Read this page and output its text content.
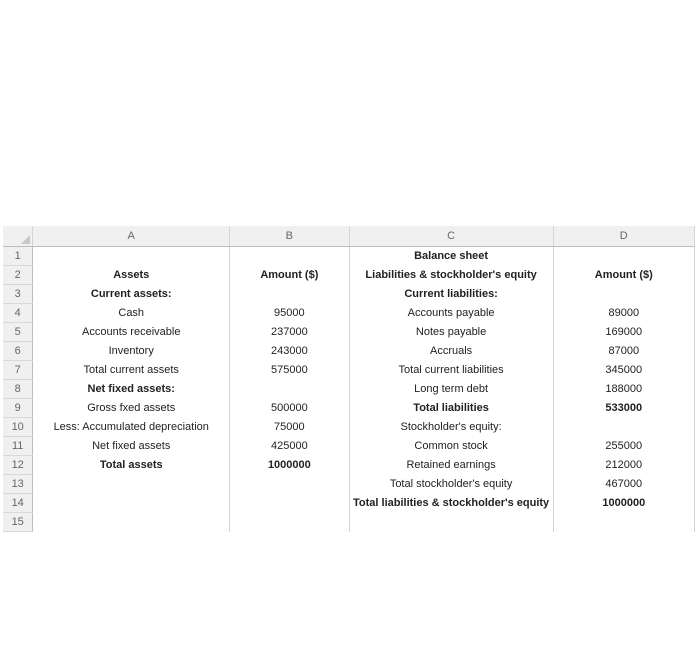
	A	B	C	D
1			Balance sheet	
2	Assets	Amount ($)	Liabilities & stockholder's equity	Amount ($)
3	Current assets:		Current liabilities:	
4	Cash	95000	Accounts payable	89000
5	Accounts receivable	237000	Notes payable	169000
6	Inventory	243000	Accruals	87000
7	Total current assets	575000	Total current liabilities	345000
8	Net fixed assets:		Long term debt	188000
9	Gross fxed assets	500000	Total liabilities	533000
10	Less: Accumulated depreciation	75000	Stockholder's equity:	
11	Net fixed assets	425000	Common stock	255000
12	Total assets	1000000	Retained earnings	212000
13			Total stockholder's equity	467000
14			Total liabilities & stockholder's equity	1000000
15				
